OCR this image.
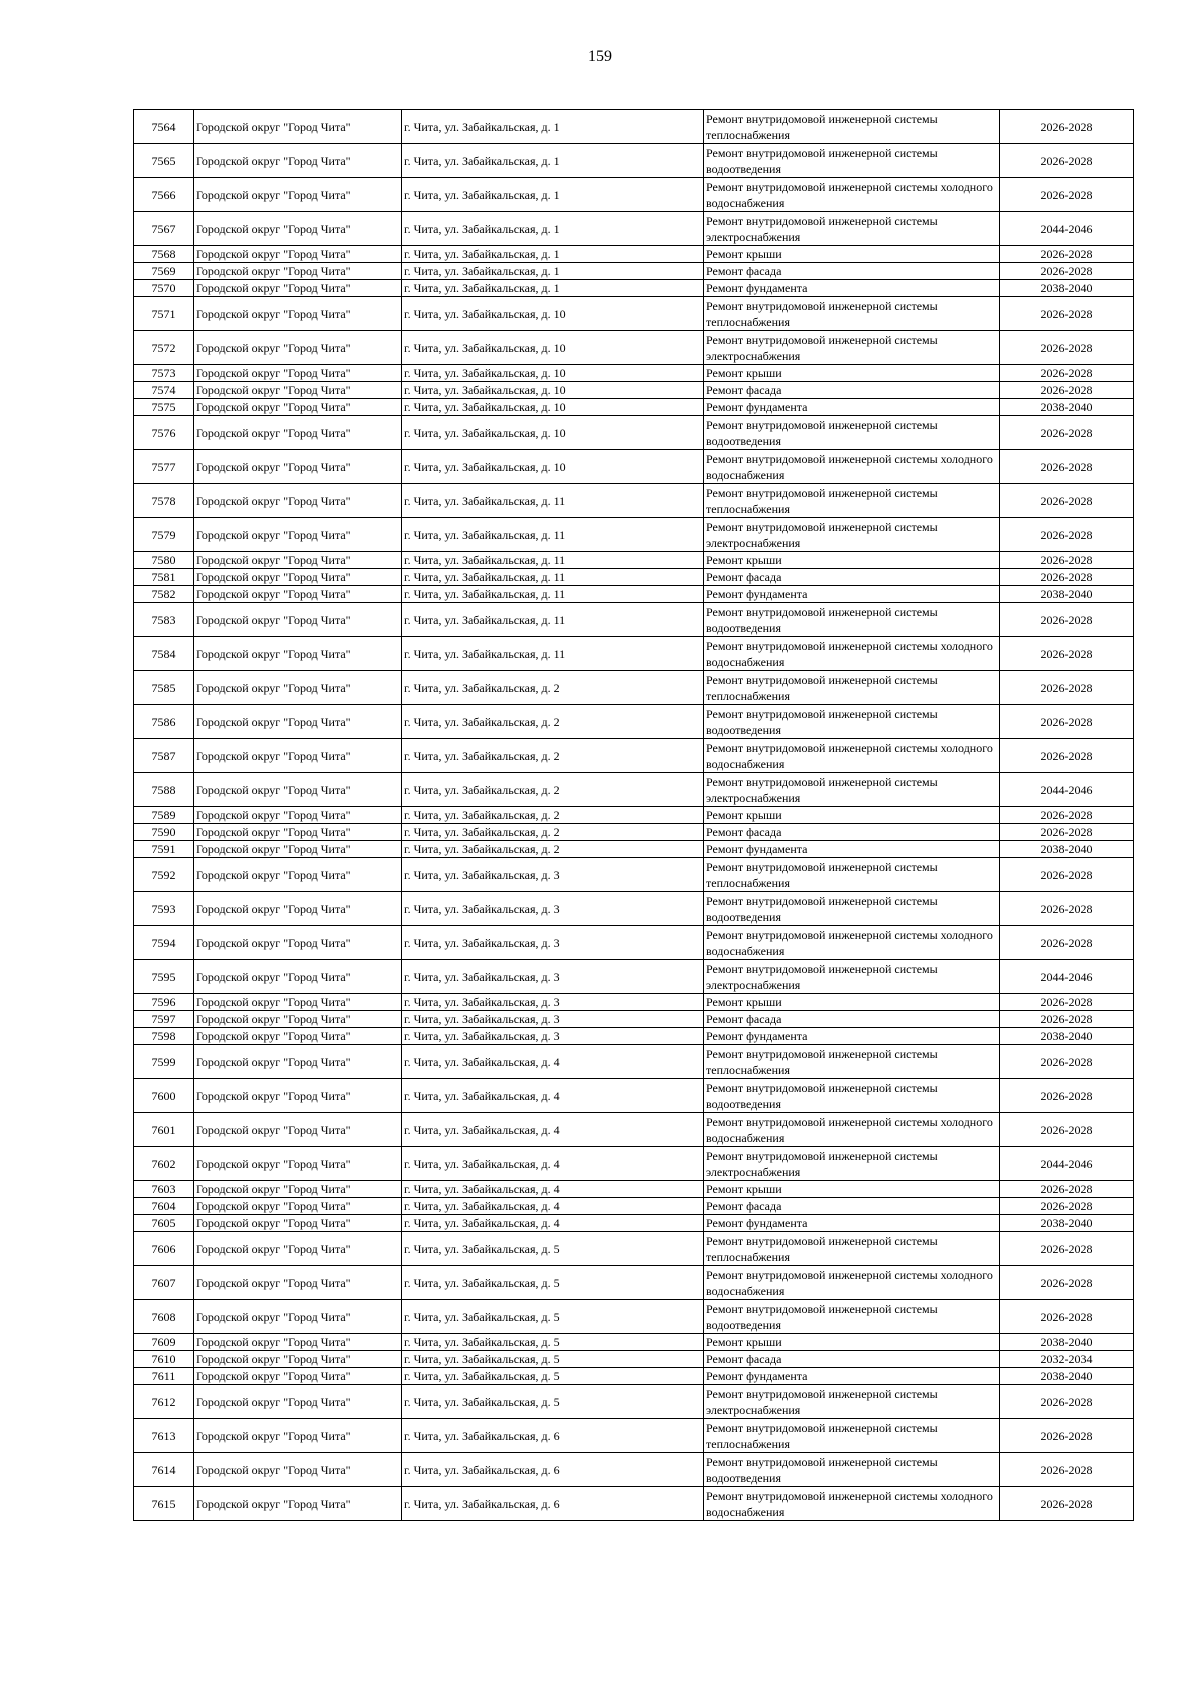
159
7564	Городской округ "Город Чита"	г. Чита, ул. Забайкальская, д. 1	Ремонт внутридомовой инженерной системы теплоснабжения	2026-2028
7565	Городской округ "Город Чита"	г. Чита, ул. Забайкальская, д. 1	Ремонт внутридомовой инженерной системы водоотведения	2026-2028
7566	Городской округ "Город Чита"	г. Чита, ул. Забайкальская, д. 1	Ремонт внутридомовой инженерной системы холодного водоснабжения	2026-2028
7567	Городской округ "Город Чита"	г. Чита, ул. Забайкальская, д. 1	Ремонт внутридомовой инженерной системы электроснабжения	2044-2046
7568	Городской округ "Город Чита"	г. Чита, ул. Забайкальская, д. 1	Ремонт крыши	2026-2028
7569	Городской округ "Город Чита"	г. Чита, ул. Забайкальская, д. 1	Ремонт фасада	2026-2028
7570	Городской округ "Город Чита"	г. Чита, ул. Забайкальская, д. 1	Ремонт фундамента	2038-2040
7571	Городской округ "Город Чита"	г. Чита, ул. Забайкальская, д. 10	Ремонт внутридомовой инженерной системы теплоснабжения	2026-2028
7572	Городской округ "Город Чита"	г. Чита, ул. Забайкальская, д. 10	Ремонт внутридомовой инженерной системы электроснабжения	2026-2028
7573	Городской округ "Город Чита"	г. Чита, ул. Забайкальская, д. 10	Ремонт крыши	2026-2028
7574	Городской округ "Город Чита"	г. Чита, ул. Забайкальская, д. 10	Ремонт фасада	2026-2028
7575	Городской округ "Город Чита"	г. Чита, ул. Забайкальская, д. 10	Ремонт фундамента	2038-2040
7576	Городской округ "Город Чита"	г. Чита, ул. Забайкальская, д. 10	Ремонт внутридомовой инженерной системы водоотведения	2026-2028
7577	Городской округ "Город Чита"	г. Чита, ул. Забайкальская, д. 10	Ремонт внутридомовой инженерной системы холодного водоснабжения	2026-2028
7578	Городской округ "Город Чита"	г. Чита, ул. Забайкальская, д. 11	Ремонт внутридомовой инженерной системы теплоснабжения	2026-2028
7579	Городской округ "Город Чита"	г. Чита, ул. Забайкальская, д. 11	Ремонт внутридомовой инженерной системы электроснабжения	2026-2028
7580	Городской округ "Город Чита"	г. Чита, ул. Забайкальская, д. 11	Ремонт крыши	2026-2028
7581	Городской округ "Город Чита"	г. Чита, ул. Забайкальская, д. 11	Ремонт фасада	2026-2028
7582	Городской округ "Город Чита"	г. Чита, ул. Забайкальская, д. 11	Ремонт фундамента	2038-2040
7583	Городской округ "Город Чита"	г. Чита, ул. Забайкальская, д. 11	Ремонт внутридомовой инженерной системы водоотведения	2026-2028
7584	Городской округ "Город Чита"	г. Чита, ул. Забайкальская, д. 11	Ремонт внутридомовой инженерной системы холодного водоснабжения	2026-2028
7585	Городской округ "Город Чита"	г. Чита, ул. Забайкальская, д. 2	Ремонт внутридомовой инженерной системы теплоснабжения	2026-2028
7586	Городской округ "Город Чита"	г. Чита, ул. Забайкальская, д. 2	Ремонт внутридомовой инженерной системы водоотведения	2026-2028
7587	Городской округ "Город Чита"	г. Чита, ул. Забайкальская, д. 2	Ремонт внутридомовой инженерной системы холодного водоснабжения	2026-2028
7588	Городской округ "Город Чита"	г. Чита, ул. Забайкальская, д. 2	Ремонт внутридомовой инженерной системы электроснабжения	2044-2046
7589	Городской округ "Город Чита"	г. Чита, ул. Забайкальская, д. 2	Ремонт крыши	2026-2028
7590	Городской округ "Город Чита"	г. Чита, ул. Забайкальская, д. 2	Ремонт фасада	2026-2028
7591	Городской округ "Город Чита"	г. Чита, ул. Забайкальская, д. 2	Ремонт фундамента	2038-2040
7592	Городской округ "Город Чита"	г. Чита, ул. Забайкальская, д. 3	Ремонт внутридомовой инженерной системы теплоснабжения	2026-2028
7593	Городской округ "Город Чита"	г. Чита, ул. Забайкальская, д. 3	Ремонт внутридомовой инженерной системы водоотведения	2026-2028
7594	Городской округ "Город Чита"	г. Чита, ул. Забайкальская, д. 3	Ремонт внутридомовой инженерной системы холодного водоснабжения	2026-2028
7595	Городской округ "Город Чита"	г. Чита, ул. Забайкальская, д. 3	Ремонт внутридомовой инженерной системы электроснабжения	2044-2046
7596	Городской округ "Город Чита"	г. Чита, ул. Забайкальская, д. 3	Ремонт крыши	2026-2028
7597	Городской округ "Город Чита"	г. Чита, ул. Забайкальская, д. 3	Ремонт фасада	2026-2028
7598	Городской округ "Город Чита"	г. Чита, ул. Забайкальская, д. 3	Ремонт фундамента	2038-2040
7599	Городской округ "Город Чита"	г. Чита, ул. Забайкальская, д. 4	Ремонт внутридомовой инженерной системы теплоснабжения	2026-2028
7600	Городской округ "Город Чита"	г. Чита, ул. Забайкальская, д. 4	Ремонт внутридомовой инженерной системы водоотведения	2026-2028
7601	Городской округ "Город Чита"	г. Чита, ул. Забайкальская, д. 4	Ремонт внутридомовой инженерной системы холодного водоснабжения	2026-2028
7602	Городской округ "Город Чита"	г. Чита, ул. Забайкальская, д. 4	Ремонт внутридомовой инженерной системы электроснабжения	2044-2046
7603	Городской округ "Город Чита"	г. Чита, ул. Забайкальская, д. 4	Ремонт крыши	2026-2028
7604	Городской округ "Город Чита"	г. Чита, ул. Забайкальская, д. 4	Ремонт фасада	2026-2028
7605	Городской округ "Город Чита"	г. Чита, ул. Забайкальская, д. 4	Ремонт фундамента	2038-2040
7606	Городской округ "Город Чита"	г. Чита, ул. Забайкальская, д. 5	Ремонт внутридомовой инженерной системы теплоснабжения	2026-2028
7607	Городской округ "Город Чита"	г. Чита, ул. Забайкальская, д. 5	Ремонт внутридомовой инженерной системы холодного водоснабжения	2026-2028
7608	Городской округ "Город Чита"	г. Чита, ул. Забайкальская, д. 5	Ремонт внутридомовой инженерной системы водоотведения	2026-2028
7609	Городской округ "Город Чита"	г. Чита, ул. Забайкальская, д. 5	Ремонт крыши	2038-2040
7610	Городской округ "Город Чита"	г. Чита, ул. Забайкальская, д. 5	Ремонт фасада	2032-2034
7611	Городской округ "Город Чита"	г. Чита, ул. Забайкальская, д. 5	Ремонт фундамента	2038-2040
7612	Городской округ "Город Чита"	г. Чита, ул. Забайкальская, д. 5	Ремонт внутридомовой инженерной системы электроснабжения	2026-2028
7613	Городской округ "Город Чита"	г. Чита, ул. Забайкальская, д. 6	Ремонт внутридомовой инженерной системы теплоснабжения	2026-2028
7614	Городской округ "Город Чита"	г. Чита, ул. Забайкальская, д. 6	Ремонт внутридомовой инженерной системы водоотведения	2026-2028
7615	Городской округ "Город Чита"	г. Чита, ул. Забайкальская, д. 6	Ремонт внутридомовой инженерной системы холодного водоснабжения	2026-2028
